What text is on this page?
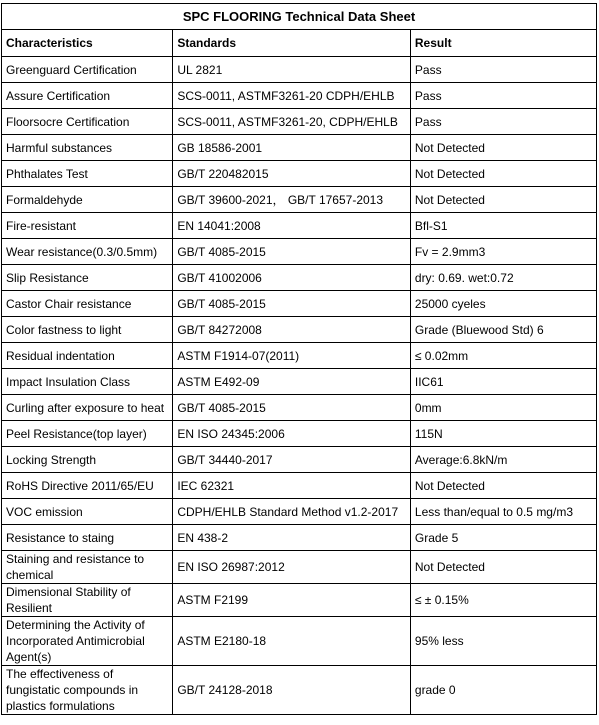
SPC FLOORING Technical Data Sheet		
Characteristics	Standards	Result
Greenguard Certification	UL 2821	Pass
Assure Certification	SCS-0011, ASTMF3261-20 CDPH/EHLB	Pass
Floorsocre Certification	SCS-0011, ASTMF3261-20, CDPH/EHLB	Pass
Harmful substances	GB 18586-2001	Not Detected
Phthalates Test	GB/T 220482015	Not Detected
Formaldehyde	GB/T 39600-2021， GB/T 17657-2013	Not Detected
Fire-resistant	EN 14041:2008	Bfl-S1
Wear resistance(0.3/0.5mm)	GB/T 4085-2015	Fv = 2.9mm3
Slip Resistance	GB/T 41002006	dry: 0.69. wet:0.72
Castor Chair resistance	GB/T 4085-2015	25000 cyeles
Color fastness to light	GB/T 84272008	Grade (Bluewood Std) 6
Residual indentation	ASTM F1914-07(2011)	≤ 0.02mm
Impact Insulation Class	ASTM E492-09	IIC61
Curling after exposure to heat	GB/T 4085-2015	0mm
Peel Resistance(top layer)	EN ISO 24345:2006	115N
Locking Strength	GB/T 34440-2017	Average:6.8kN/m
RoHS Directive 2011/65/EU	IEC 62321	Not Detected
VOC emission	CDPH/EHLB Standard Method v1.2-2017	Less than/equal to 0.5 mg/m3
Resistance to staing	EN 438-2	Grade 5
Staining and resistance to chemical	EN ISO 26987:2012	Not Detected
Dimensional Stability of Resilient	ASTM F2199	≤ ± 0.15%
Determining the Activity of Incorporated Antimicrobial Agent(s)	ASTM E2180-18	95% less
The effectiveness of fungistatic compounds in plastics formulations	GB/T 24128-2018	grade 0
